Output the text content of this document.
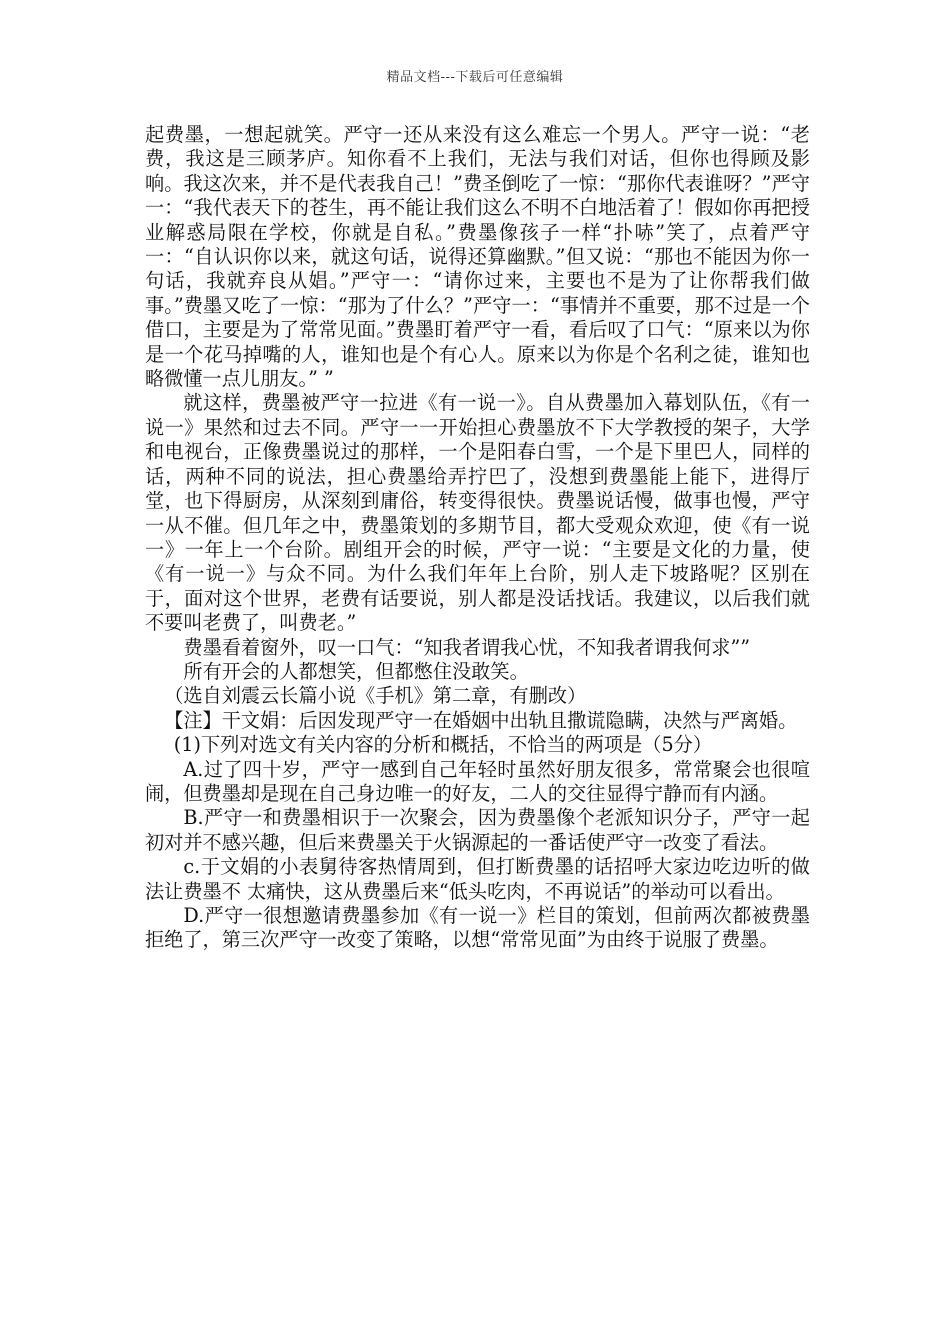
精品文档---下载后可任意编辑

起费墨，一想起就笑。严守一还从来没有这么难忘一个男人。严守一说：“老费，我这是三顾茅庐。知你看不上我们，无法与我们对话，但你也得顾及影响。我这次来，并不是代表我自己！”费圣倒吃了一惊：“那你代表谁呀？”严守一：“我代表天下的苍生，再不能让我们这么不明不白地活着了！假如你再把授业解惑局限在学校，你就是自私。”费墨像孩子一样“扑哧”笑了，点着严守一：“自认识你以来，就这句话，说得还算幽默。”但又说：“那也不能因为你一句话，我就弃良从娼。”严守一：“请你过来，主要也不是为了让你帮我们做事。”费墨又吃了一惊：“那为了什么？”严守一：“事情并不重要，那不过是一个借口，主要是为了常常见面。”费墨盯着严守一看，看后叹了口气：“原来以为你是一个花马掉嘴的人，谁知也是个有心人。原来以为你是个名利之徒，谁知也略微懂一点儿朋友。” ”

就这样，费墨被严守一拉进《有一说一》。自从费墨加入幕划队伍，《有一说一》果然和过去不同。严守一一开始担心费墨放不下大学教授的架子，大学和电视台，正像费墨说过的那样，一个是阳春白雪，一个是下里巴人，同样的话，两种不同的说法，担心费墨给弄拧巴了，没想到费墨能上能下，进得厅堂，也下得厨房，从深刻到庸俗，转变得很快。费墨说话慢，做事也慢，严守一从不催。但几年之中，费墨策划的多期节目，都大受观众欢迎，使《有一说一》一年上一个台阶。剧组开会的时候，严守一说：“主要是文化的力量，使《有一说一》与众不同。为什么我们年年上台阶，别人走下坡路呢？区别在于，面对这个世界，老费有话要说，别人都是没话找话。我建议，以后我们就不要叫老费了，叫费老。”

费墨看着窗外，叹一口气：“知我者谓我心忧，不知我者谓我何求””

所有开会的人都想笑，但都憋住没敢笑。

（选自刘震云长篇小说《手机》第二章，有删改）

【注】干文娟：后因发现严守一在婚姻中出轨且撒谎隐瞒，决然与严离婚。

(1)下列对选文有关内容的分析和概括，不恰当的两项是（5分）

A.过了四十岁，严守一感到自己年轻时虽然好朋友很多，常常聚会也很喧闹，但费墨却是现在自己身边唯一的好友，二人的交往显得宁静而有内涵。

B.严守一和费墨相识于一次聚会，因为费墨像个老派知识分子，严守一起初对并不感兴趣，但后来费墨关于火锅源起的一番话使严守一改变了看法。

c.于文娟的小表舅待客热情周到，但打断费墨的话招呼大家边吃边听的做法让费墨不 太痛快，这从费墨后来“低头吃肉，不再说话”的举动可以看出。

D.严守一很想邀请费墨参加《有一说一》栏目的策划，但前两次都被费墨拒绝了，第三次严守一改变了策略，以想“常常见面”为由终于说服了费墨。
